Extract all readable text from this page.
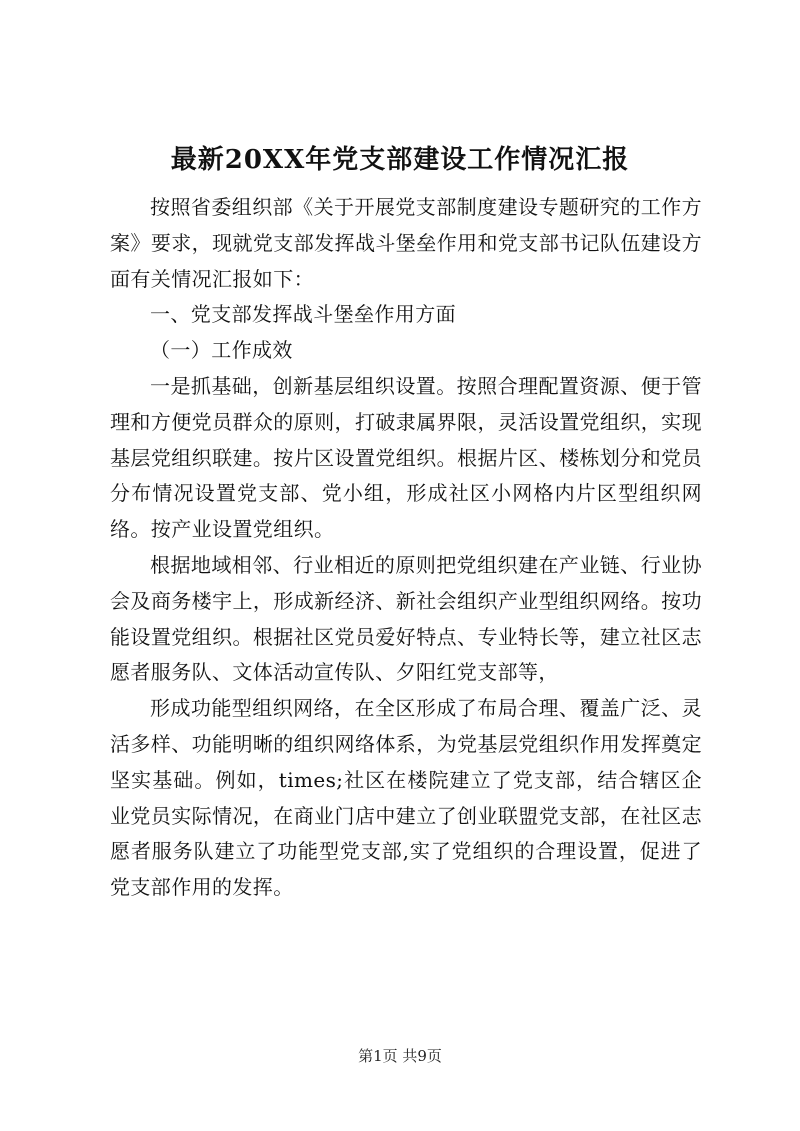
最新20XX年党支部建设工作情况汇报

按照省委组织部《关于开展党支部制度建设专题研究的工作方案》要求，现就党支部发挥战斗堡垒作用和党支部书记队伍建设方面有关情况汇报如下：

一、党支部发挥战斗堡垒作用方面

（一）工作成效

一是抓基础，创新基层组织设置。按照合理配置资源、便于管理和方便党员群众的原则，打破隶属界限，灵活设置党组织，实现基层党组织联建。按片区设置党组织。根据片区、楼栋划分和党员分布情况设置党支部、党小组，形成社区小网格内片区型组织网络。按产业设置党组织。

根据地域相邻、行业相近的原则把党组织建在产业链、行业协会及商务楼宇上，形成新经济、新社会组织产业型组织网络。按功能设置党组织。根据社区党员爱好特点、专业特长等，建立社区志愿者服务队、文体活动宣传队、夕阳红党支部等，

形成功能型组织网络，在全区形成了布局合理、覆盖广泛、灵活多样、功能明晰的组织网络体系，为党基层党组织作用发挥奠定坚实基础。例如，times;社区在楼院建立了党支部，结合辖区企业党员实际情况，在商业门店中建立了创业联盟党支部，在社区志愿者服务队建立了功能型党支部,实了党组织的合理设置，促进了党支部作用的发挥。

第1页 共9页
